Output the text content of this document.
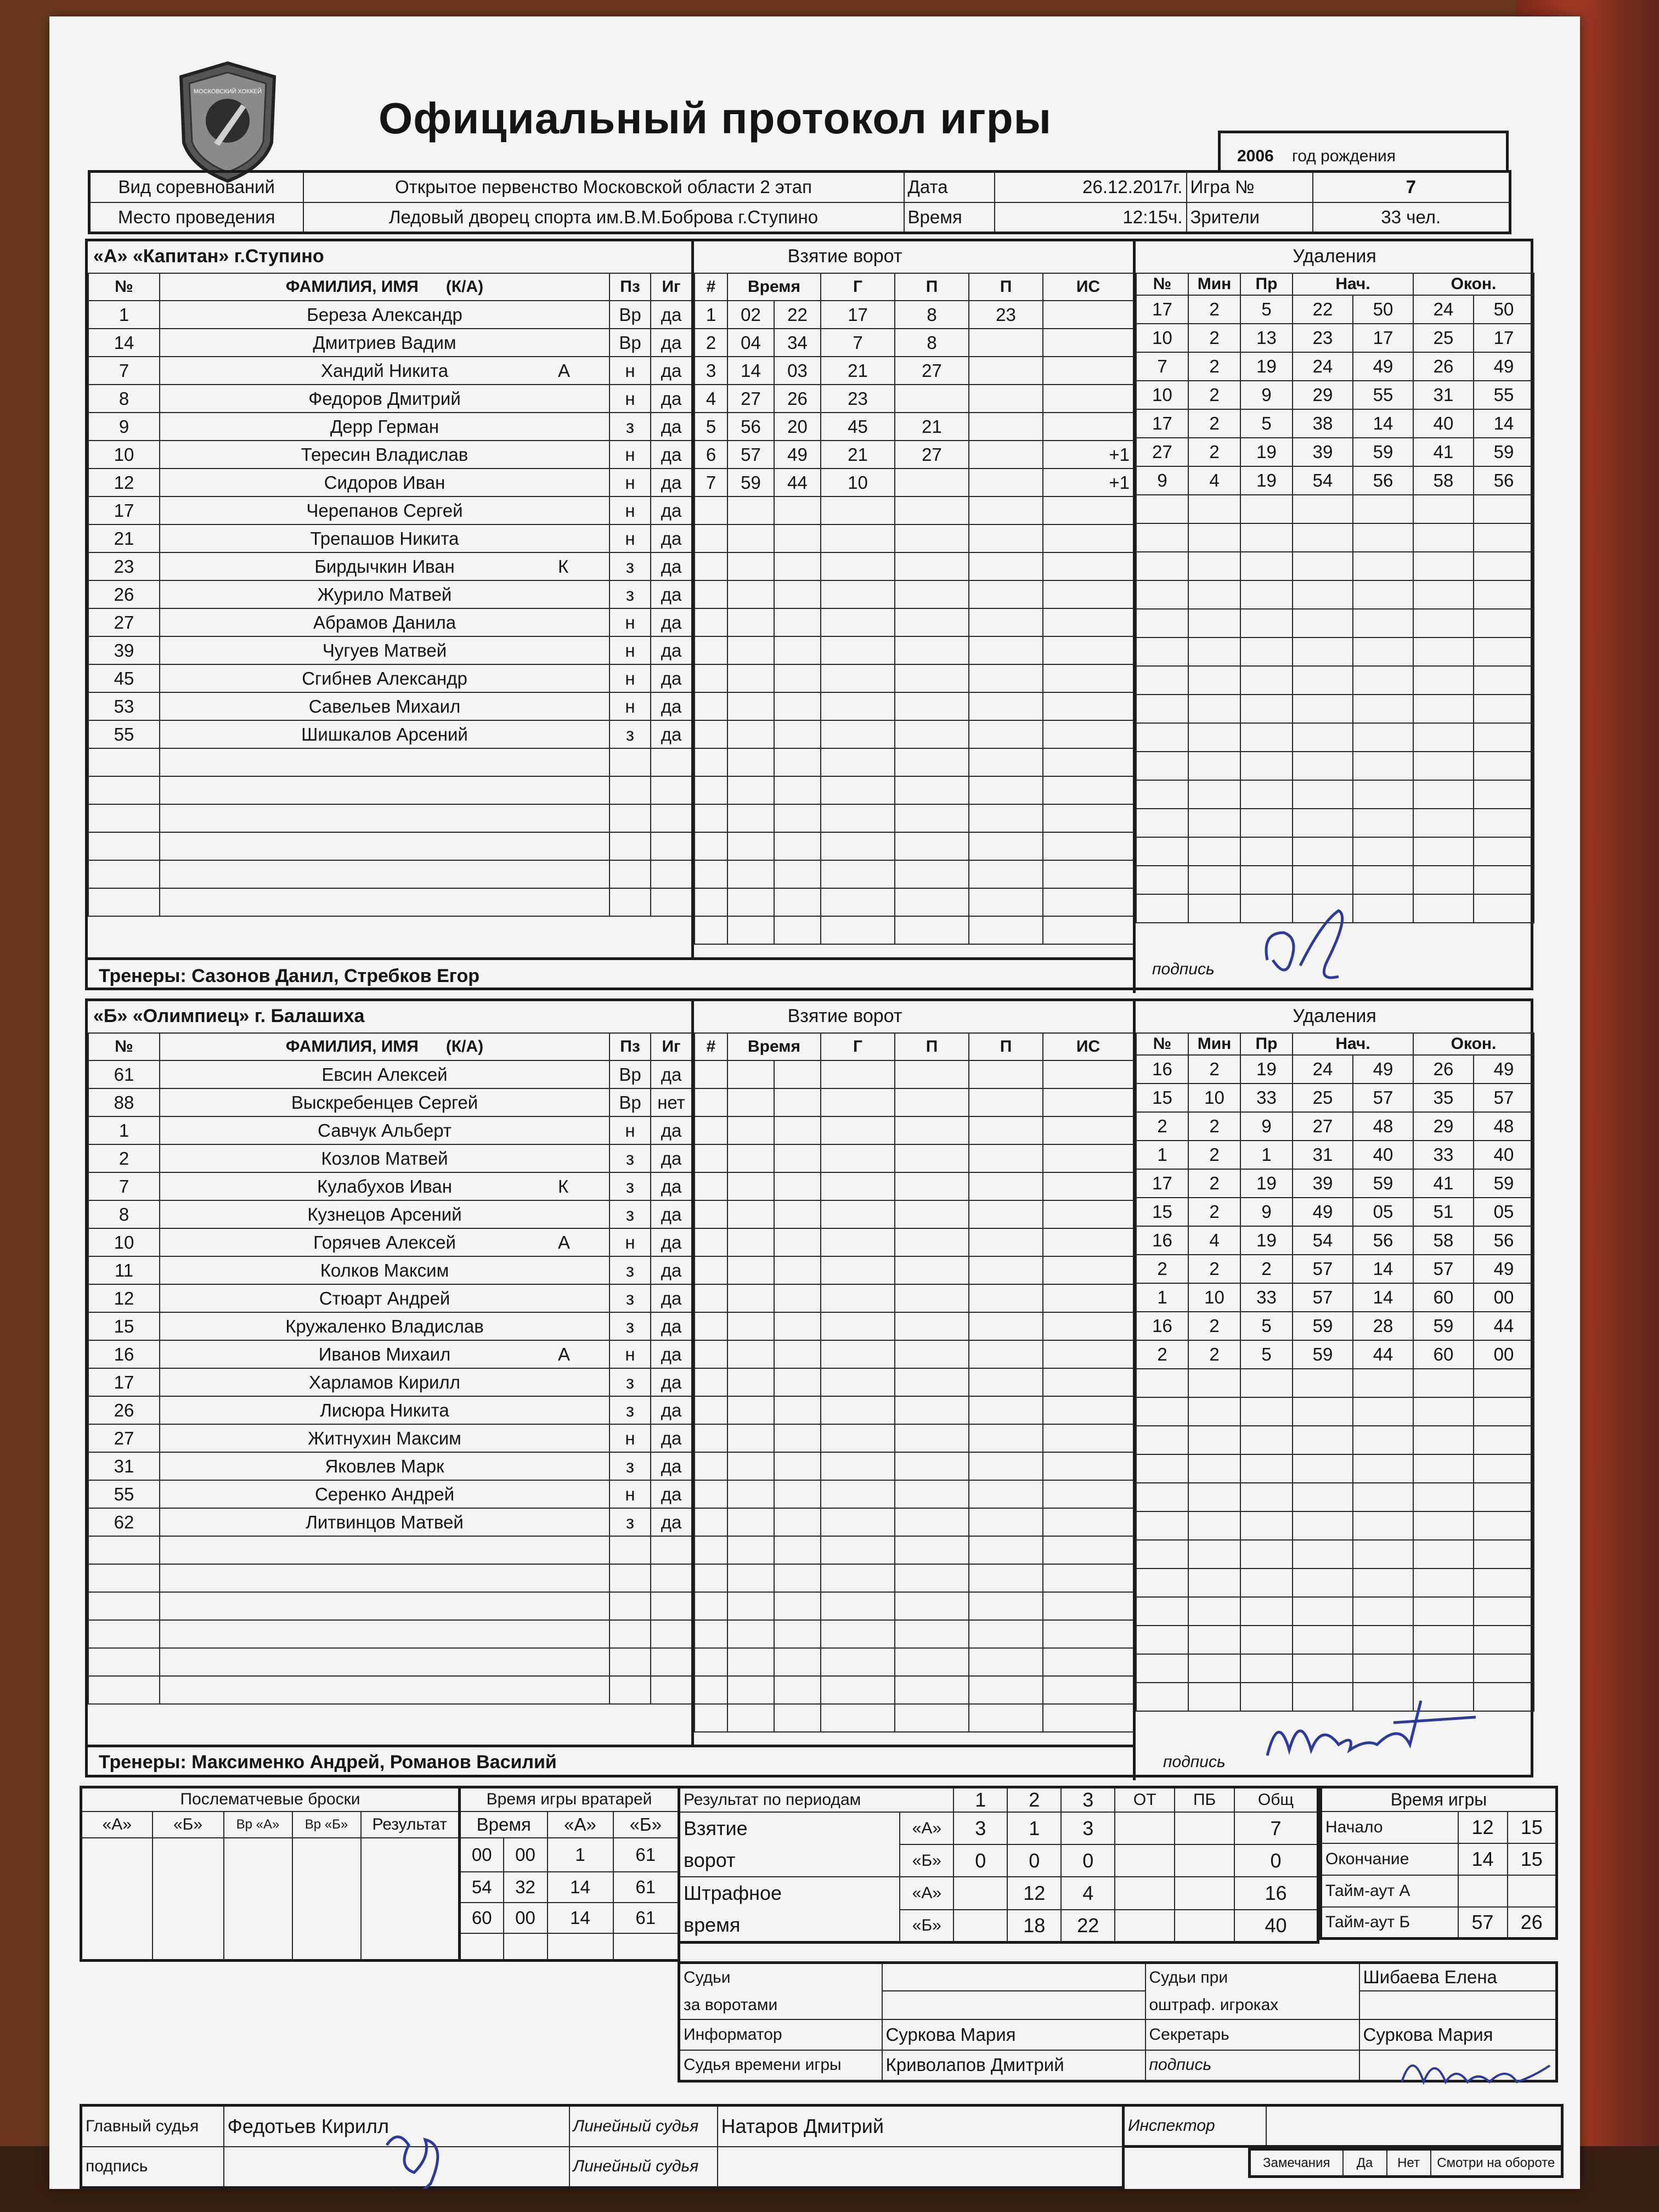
МОСКОВСКИЙ ХОККЕЙ
Официальный протокол игры
2006 год рождения
Вид соревнований	Открытое первенство Московской области 2 этап	Дата	26.12.2017г.	Игра №	7
Место проведения	Ледовый дворец спорта им.В.М.Боброва г.Ступино	Время	12:15ч.	Зрители	33 чел.
«А» «Капитан» г.Ступино
№	ФАМИЛИЯ, ИМЯ (К/А)	Пз	Иг
1	Береза Александр	Вр	да
14	Дмитриев Вадим	Вр	да
7	Хандий Никита А	н	да
8	Федоров Дмитрий	н	да
9	Дерр Герман	з	да
10	Тересин Владислав	н	да
12	Сидоров Иван	н	да
17	Черепанов Сергей	н	да
21	Трепашов Никита	н	да
23	Бирдычкин Иван К	з	да
26	Журило Матвей	з	да
27	Абрамов Данила	н	да
39	Чугуев Матвей	н	да
45	Сгибнев Александр	н	да
53	Савельев Михаил	н	да
55	Шишкалов Арсений	з	да

Взятие ворот
#	Время		Г	П	П	ИС
1	02	22	17	8	23	
2	04	34	7	8		
3	14	03	21	27		
4	27	26	23			
5	56	20	45	21		
6	57	49	21	27		+1
7	59	44	10			+1

Удаления
№	Мин	Пр	Нач.		Окон.	
17	2	5	22	50	24	50
10	2	13	23	17	25	17
7	2	19	24	49	26	49
10	2	9	29	55	31	55
17	2	5	38	14	40	14
27	2	19	39	59	41	59
9	4	19	54	56	58	56

Тренеры: Сазонов Данил, Стребков Егор	подпись
«Б» «Олимпиец» г. Балашиха
№	ФАМИЛИЯ, ИМЯ (К/А)	Пз	Иг
61	Евсин Алексей	Вр	да
88	Выскребенцев Сергей	Вр	нет
1	Савчук Альберт	н	да
2	Козлов Матвей	з	да
7	Кулабухов Иван К	з	да
8	Кузнецов Арсений	з	да
10	Горячев Алексей А	н	да
11	Колков Максим	з	да
12	Стюарт Андрей	з	да
15	Кружаленко Владислав	з	да
16	Иванов Михаил А	н	да
17	Харламов Кирилл	з	да
26	Лисюра Никита	з	да
27	Житнухин Максим	н	да
31	Яковлев Марк	з	да
55	Серенко Андрей	н	да
62	Литвинцов Матвей	з	да

Взятие ворот
#	Время		Г	П	П	ИС

Удаления
№	Мин	Пр	Нач.		Окон.	
16	2	19	24	49	26	49
15	10	33	25	57	35	57
2	2	9	27	48	29	48
1	2	1	31	40	33	40
17	2	19	39	59	41	59
15	2	9	49	05	51	05
16	4	19	54	56	58	56
2	2	2	57	14	57	49
1	10	33	57	14	60	00
16	2	5	59	28	59	44
2	2	5	59	44	60	00

Тренеры: Максименко Андрей, Романов Василий	подпись
Послематчевые броски				
«А»	«Б»	Вр «А»	Вр «Б»	Результат

Время игры вратарей			
Время		«А»	«Б»
00	00	1	61
54	32	14	61
60	00	14	61

Результат по периодам		1	2	3	ОТ	ПБ	Общ
Взятие
ворот	«А»	3	1	3			7
	«Б»	0	0	0			0
Штрафное
время	«А»		12	4			16
	«Б»		18	22			40
Время игры		
Начало	12	15
Окончание	14	15
Тайм-аут А		
Тайм-аут Б	57	26
Судьи
за воротами		Судьи при
оштраф. игроках	Шибаева Елена

Информатор	Суркова Мария	Секретарь	Суркова Мария
Судья времени игры	Криволапов Дмитрий	подпись	
Главный судья	Федотьев Кирилл	Линейный судья	Натаров Дмитрий
подпись		Линейный судья	
Инспектор	
Замечания	Да	Нет	Смотри на обороте
